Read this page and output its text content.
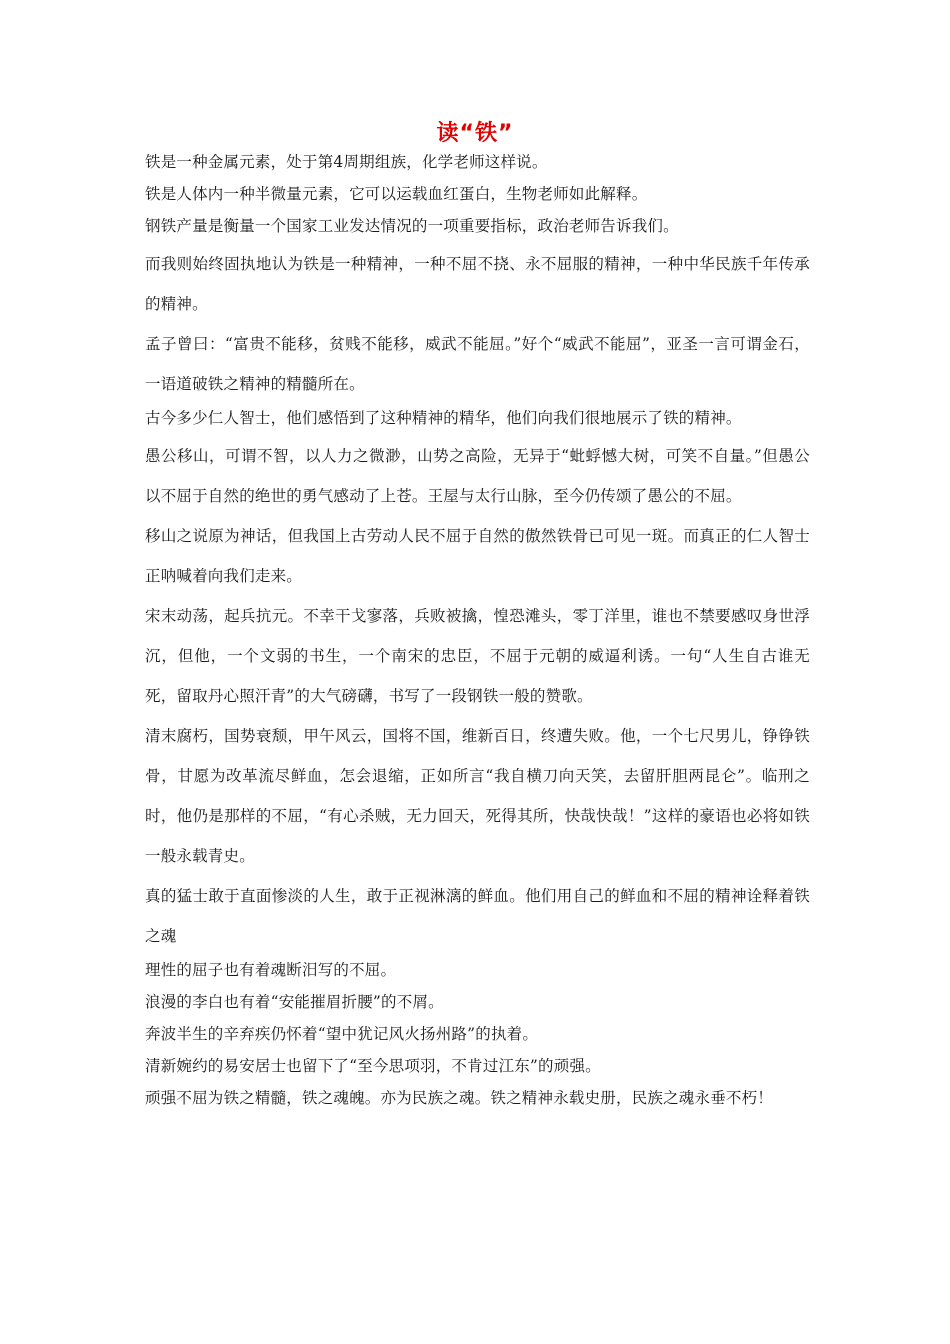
读“铁”

铁是一种金属元素，处于第4周期组族，化学老师这样说。

铁是人体内一种半微量元素，它可以运载血红蛋白，生物老师如此解释。

钢铁产量是衡量一个国家工业发达情况的一项重要指标，政治老师告诉我们。

而我则始终固执地认为铁是一种精神，一种不屈不挠、永不屈服的精神，一种中华民族千年传承的精神。

孟子曾曰：“富贵不能移，贫贱不能移，威武不能屈。”好个“威武不能屈”，亚圣一言可谓金石，一语道破铁之精神的精髓所在。

古今多少仁人智士，他们感悟到了这种精神的精华，他们向我们很地展示了铁的精神。

愚公移山，可谓不智，以人力之微渺，山势之高险，无异于“蚍蜉憾大树，可笑不自量。”但愚公以不屈于自然的绝世的勇气感动了上苍。王屋与太行山脉，至今仍传颂了愚公的不屈。

移山之说原为神话，但我国上古劳动人民不屈于自然的傲然铁骨已可见一斑。而真正的仁人智士正呐喊着向我们走来。

宋末动荡，起兵抗元。不幸干戈寥落，兵败被擒，惶恐滩头，零丁洋里，谁也不禁要感叹身世浮沉，但他，一个文弱的书生，一个南宋的忠臣，不屈于元朝的威逼利诱。一句“人生自古谁无死，留取丹心照汗青”的大气磅礴，书写了一段钢铁一般的赞歌。

清末腐朽，国势衰颓，甲午风云，国将不国，维新百日，终遭失败。他，一个七尺男儿，铮铮铁骨，甘愿为改革流尽鲜血，怎会退缩，正如所言“我自横刀向天笑，去留肝胆两昆仑”。临刑之时，他仍是那样的不屈，“有心杀贼，无力回天，死得其所，快哉快哉！”这样的豪语也必将如铁一般永载青史。

真的猛士敢于直面惨淡的人生，敢于正视淋漓的鲜血。他们用自己的鲜血和不屈的精神诠释着铁之魂

理性的屈子也有着魂断汨写的不屈。

浪漫的李白也有着“安能摧眉折腰”的不屑。

奔波半生的辛弃疾仍怀着“望中犹记风火扬州路”的执着。

清新婉约的易安居士也留下了“至今思项羽，不肯过江东”的顽强。

顽强不屈为铁之精髓，铁之魂魄。亦为民族之魂。铁之精神永载史册，民族之魂永垂不朽！
